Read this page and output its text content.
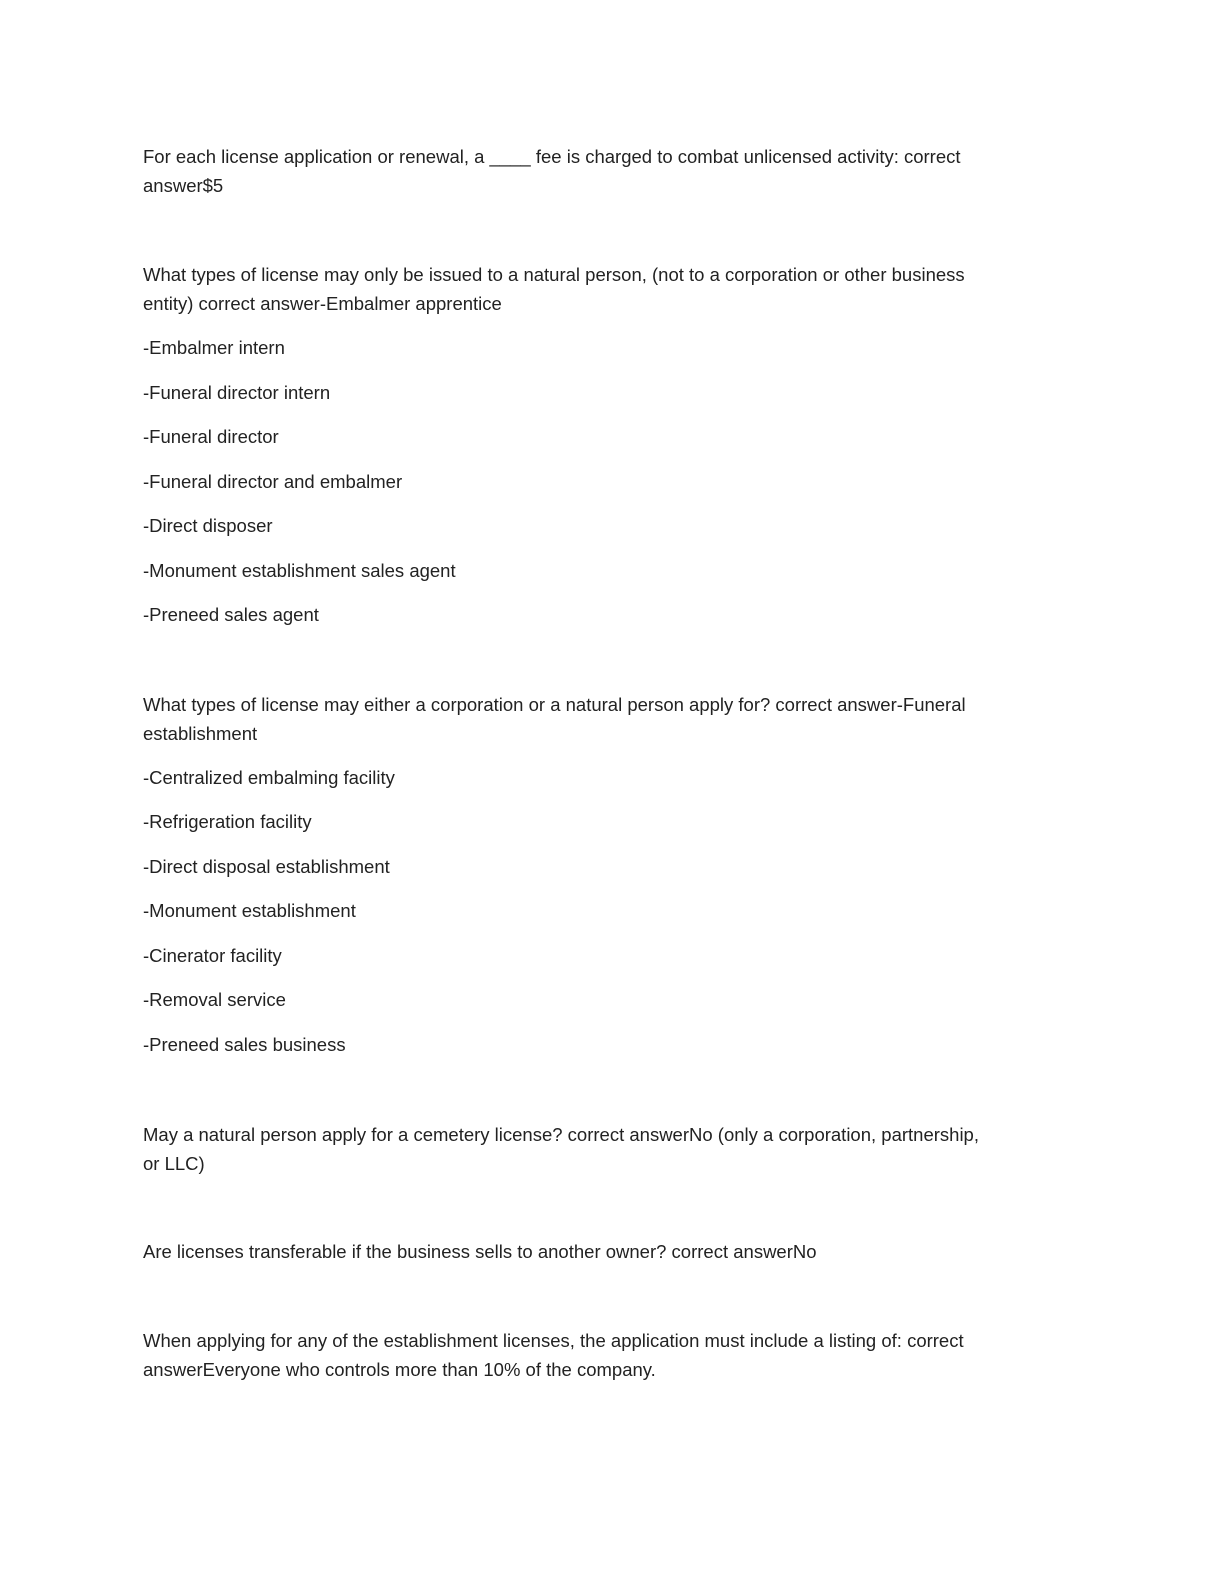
For each license application or renewal, a ____ fee is charged to combat unlicensed activity: correct
answer$5
What types of license may only be issued to a natural person, (not to a corporation or other business
entity) correct answer-Embalmer apprentice
-Embalmer intern
-Funeral director intern
-Funeral director
-Funeral director and embalmer
-Direct disposer
-Monument establishment sales agent
-Preneed sales agent
What types of license may either a corporation or a natural person apply for? correct answer-Funeral
establishment
-Centralized embalming facility
-Refrigeration facility
-Direct disposal establishment
-Monument establishment
-Cinerator facility
-Removal service
-Preneed sales business
May a natural person apply for a cemetery license? correct answerNo (only a corporation, partnership,
or LLC)
Are licenses transferable if the business sells to another owner? correct answerNo
When applying for any of the establishment licenses, the application must include a listing of: correct
answerEveryone who controls more than 10% of the company.
